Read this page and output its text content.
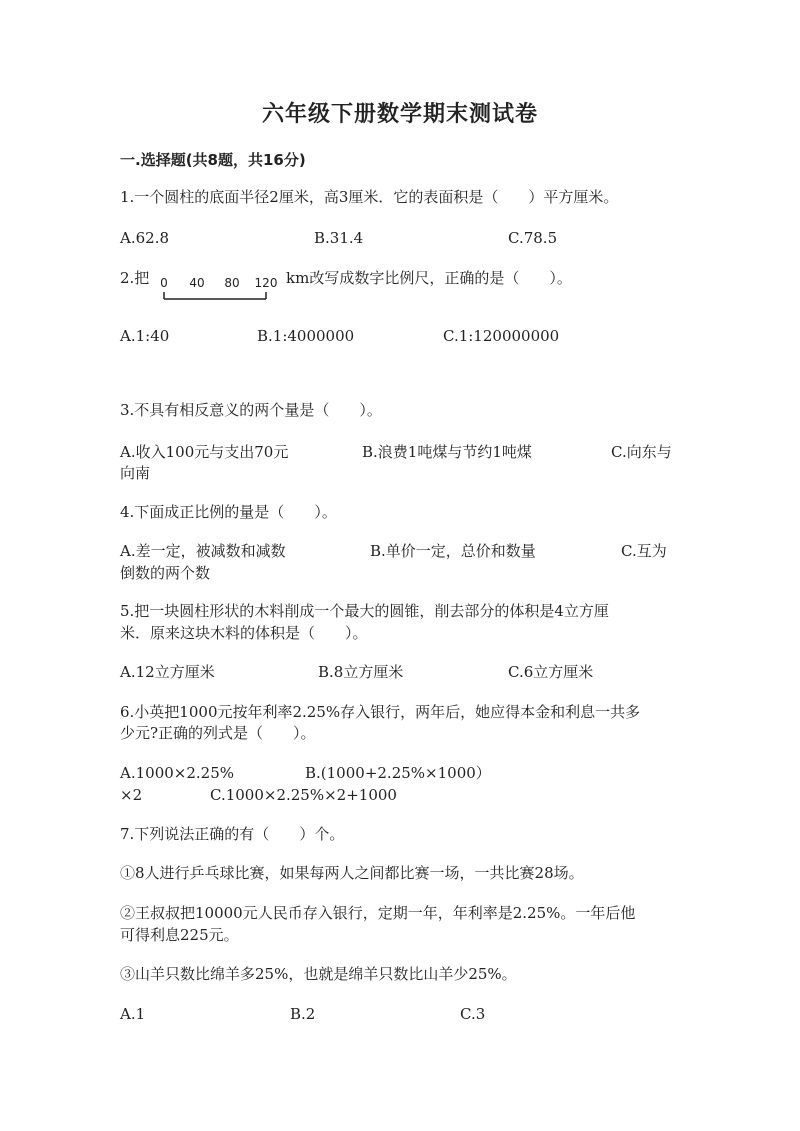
六年级下册数学期末测试卷
一.选择题(共8题，共16分)
1.一个圆柱的底面半径2厘米，高3厘米．它的表面积是（　　）平方厘米。
A.62.8	B.31.4	C.78.5
2.把 0 40 80 120 km改写成数字比例尺，正确的是（　　）。
A.1:40	B.1:4000000	C.1:120000000
3.不具有相反意义的两个量是（　　）。
A.收入100元与支出70元	B.浪费1吨煤与节约1吨煤	C.向东与
向南
4.下面成正比例的量是（　　）。
A.差一定，被减数和减数	B.单价一定，总价和数量	C.互为
倒数的两个数
5.把一块圆柱形状的木料削成一个最大的圆锥，削去部分的体积是4立方厘
米．原来这块木料的体积是（　　）。
A.12立方厘米	B.8立方厘米	C.6立方厘米
6.小英把1000元按年利率2.25%存入银行，两年后，她应得本金和利息一共多
少元?正确的列式是（　　）。
A.1000×2.25%	B.(1000+2.25%×1000）
×2	C.1000×2.25%×2+1000
7.下列说法正确的有（　　）个。
①8人进行乒乓球比赛，如果每两人之间都比赛一场，一共比赛28场。
②王叔叔把10000元人民币存入银行，定期一年，年利率是2.25%。一年后他
可得利息225元。
③山羊只数比绵羊多25%，也就是绵羊只数比山羊少25%。
A.1	B.2	C.3
